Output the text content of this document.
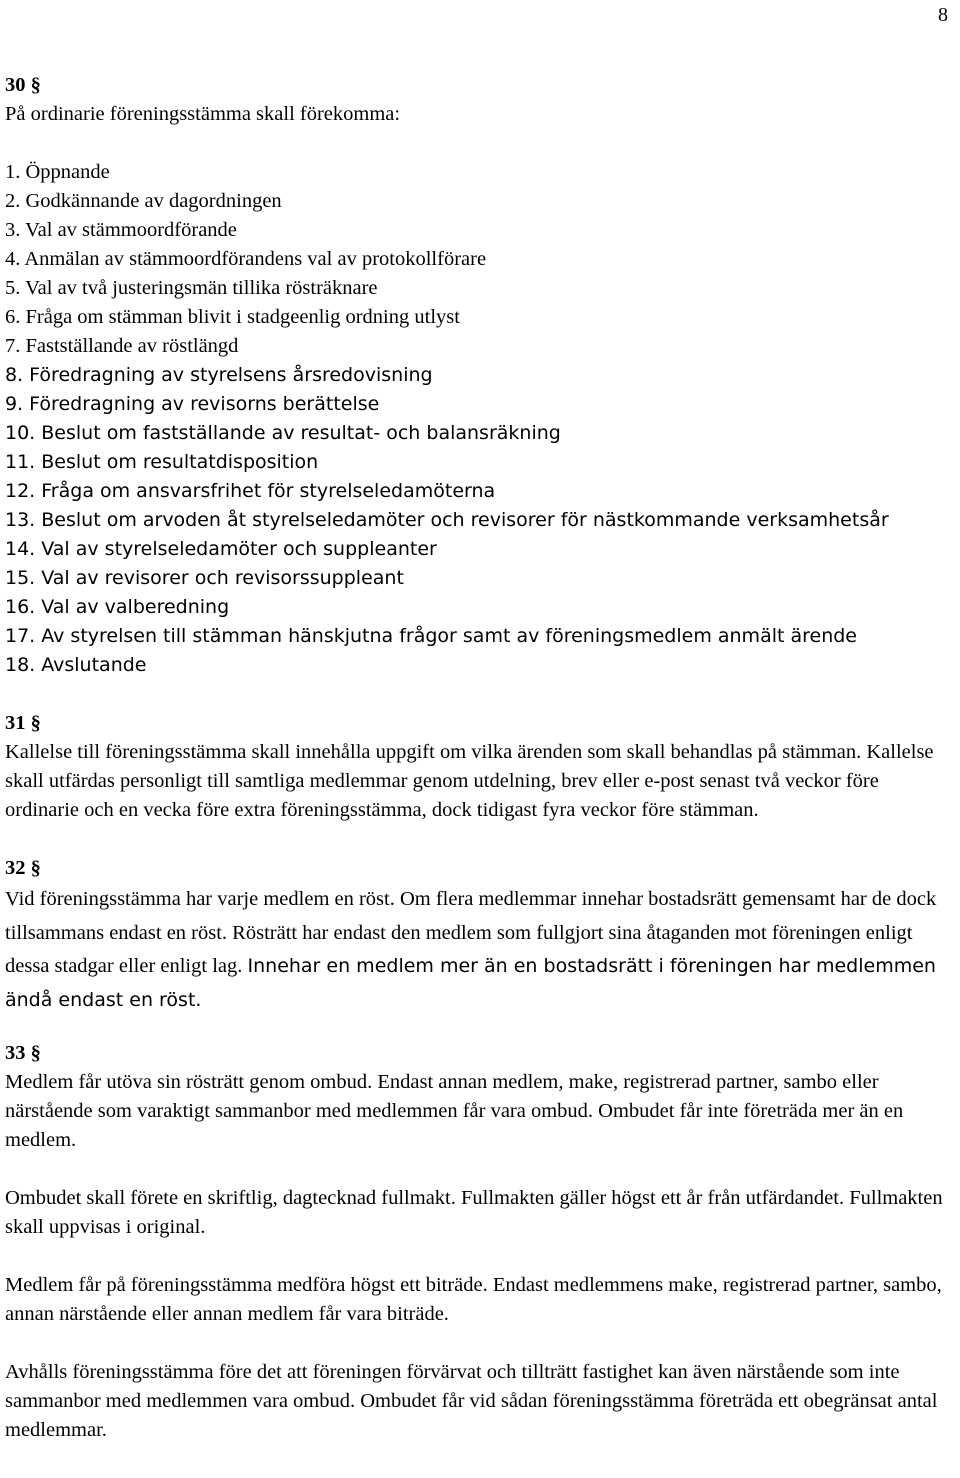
8
30 §

På ordinarie föreningsstämma skall förekomma:

1. Öppnande
2. Godkännande av dagordningen
3. Val av stämmoordförande
4. Anmälan av stämmoordförandens val av protokollförare
5. Val av två justeringsmän tillika rösträknare
6. Fråga om stämman blivit i stadgeenlig ordning utlyst
7. Fastställande av röstlängd
8. Föredragning av styrelsens årsredovisning
9. Föredragning av revisorns berättelse
10. Beslut om fastställande av resultat- och balansräkning
11. Beslut om resultatdisposition
12. Fråga om ansvarsfrihet för styrelseledamöterna
13. Beslut om arvoden åt styrelseledamöter och revisorer för nästkommande verksamhetsår
14. Val av styrelseledamöter och suppleanter
15. Val av revisorer och revisorssuppleant
16. Val av valberedning
17. Av styrelsen till stämman hänskjutna frågor samt av föreningsmedlem anmält ärende
18. Avslutande
31 §

Kallelse till föreningsstämma skall innehålla uppgift om vilka ärenden som skall behandlas på stämman. Kallelse skall utfärdas personligt till samtliga medlemmar genom utdelning, brev eller e-post senast två veckor före ordinarie och en vecka före extra föreningsstämma, dock tidigast fyra veckor före stämman.

32 §

Vid föreningsstämma har varje medlem en röst. Om flera medlemmar innehar bostadsrätt gemensamt har de dock tillsammans endast en röst. Rösträtt har endast den medlem som fullgjort sina åtaganden mot föreningen enligt dessa stadgar eller enligt lag. Innehar en medlem mer än en bostadsrätt i föreningen har medlemmen ändå endast en röst.

33 §

Medlem får utöva sin rösträtt genom ombud. Endast annan medlem, make, registrerad partner, sambo eller närstående som varaktigt sammanbor med medlemmen får vara ombud. Ombudet får inte företräda mer än en medlem.

Ombudet skall förete en skriftlig, dagtecknad fullmakt. Fullmakten gäller högst ett år från utfärdandet. Fullmakten skall uppvisas i original.

Medlem får på föreningsstämma medföra högst ett biträde. Endast medlemmens make, registrerad partner, sambo, annan närstående eller annan medlem får vara biträde.

Avhålls föreningsstämma före det att föreningen förvärvat och tillträtt fastighet kan även närstående som inte sammanbor med medlemmen vara ombud. Ombudet får vid sådan föreningsstämma företräda ett obegränsat antal medlemmar.
